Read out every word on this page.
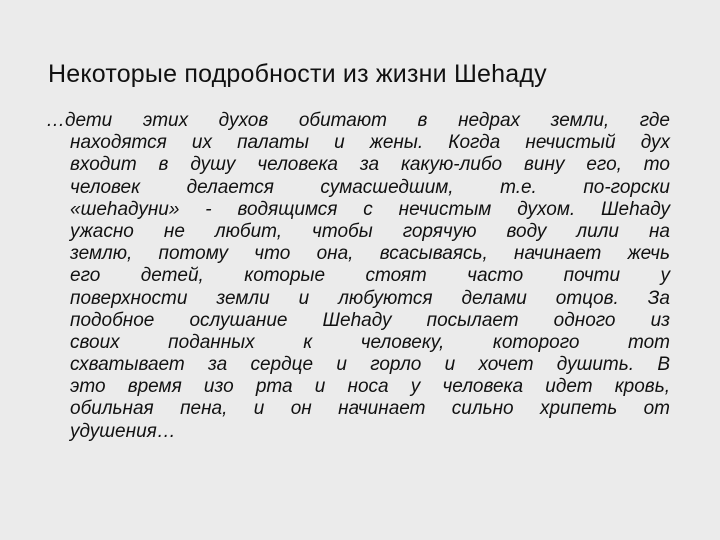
Некоторые подробности из жизни Шеhаду
…дети этих духов обитают в недрах земли, где
находятся их палаты и жены. Когда нечистый дух
входит в душу человека за какую-либо вину его, то
человек делается сумасшедшим, т.е. по-горски
«шеhадуни» - водящимся с нечистым духом. Шеhаду
ужасно не любит, чтобы горячую воду лили на
землю, потому что она, всасываясь, начинает жечь
его детей, которые стоят часто почти у
поверхности земли и любуются делами отцов. За
подобное ослушание Шеhаду посылает одного из
своих поданных к человеку, которого тот
схватывает за сердце и горло и хочет душить. В
это время изо рта и носа у человека идет кровь,
обильная пена, и он начинает сильно хрипеть от
удушения…
